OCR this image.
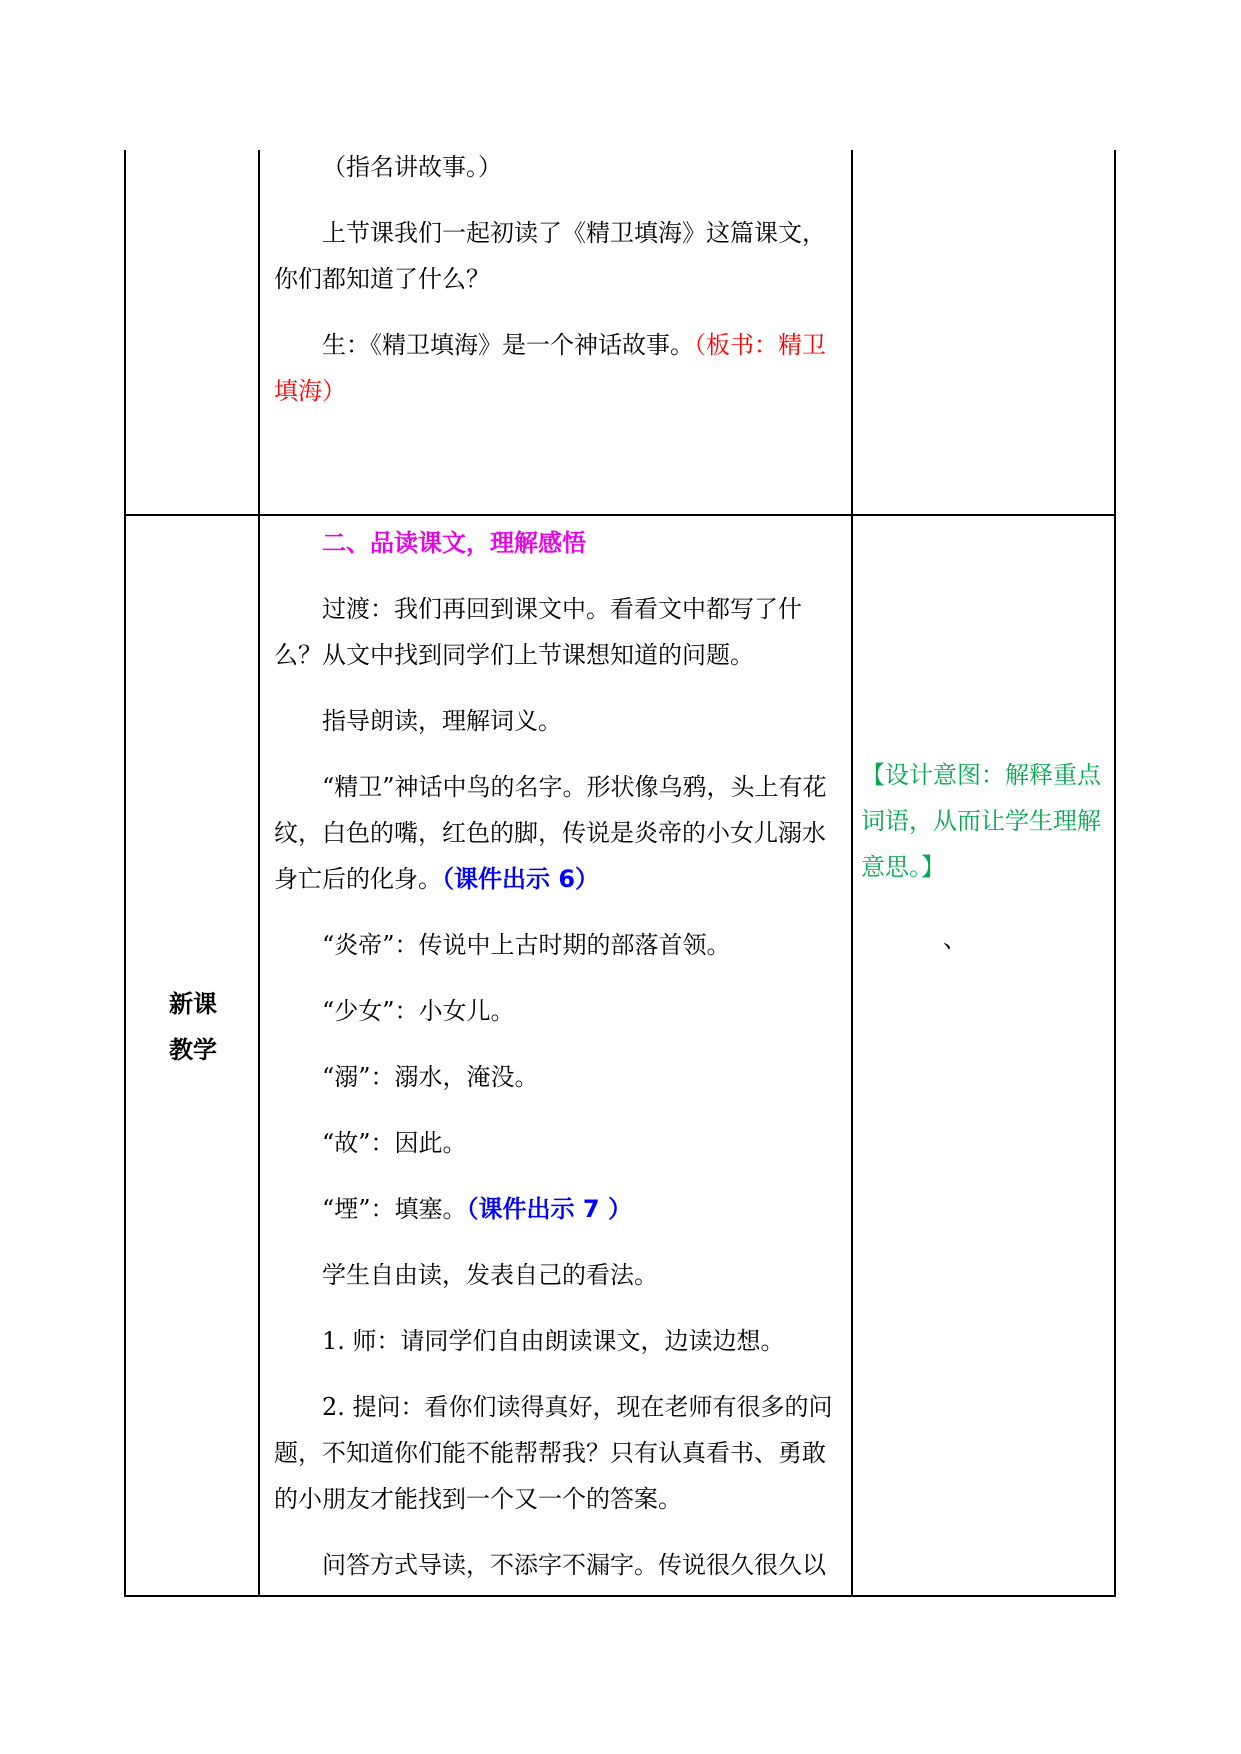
（指名讲故事。）

上节课我们一起初读了《精卫填海》这篇课文，你们都知道了什么？

生：《精卫填海》是一个神话故事。（板书：精卫填海）

新课
教学

二、品读课文，理解感悟

过渡：我们再回到课文中。看看文中都写了什么？从文中找到同学们上节课想知道的问题。

指导朗读，理解词义。

“精卫”神话中鸟的名字。形状像乌鸦，头上有花纹，白色的嘴，红色的脚，传说是炎帝的小女儿溺水身亡后的化身。（课件出示 6）

“炎帝”：传说中上古时期的部落首领。

“少女”：小女儿。

“溺”：溺水，淹没。

“故”：因此。

“堙”：填塞。（课件出示 7 ）

学生自由读，发表自己的看法。

1. 师：请同学们自由朗读课文，边读边想。

2. 提问：看你们读得真好，现在老师有很多的问题，不知道你们能不能帮帮我？只有认真看书、勇敢的小朋友才能找到一个又一个的答案。

问答方式导读，不添字不漏字。传说很久很久以

【设计意图：解释重点词语，从而让学生理解意思。】
、
